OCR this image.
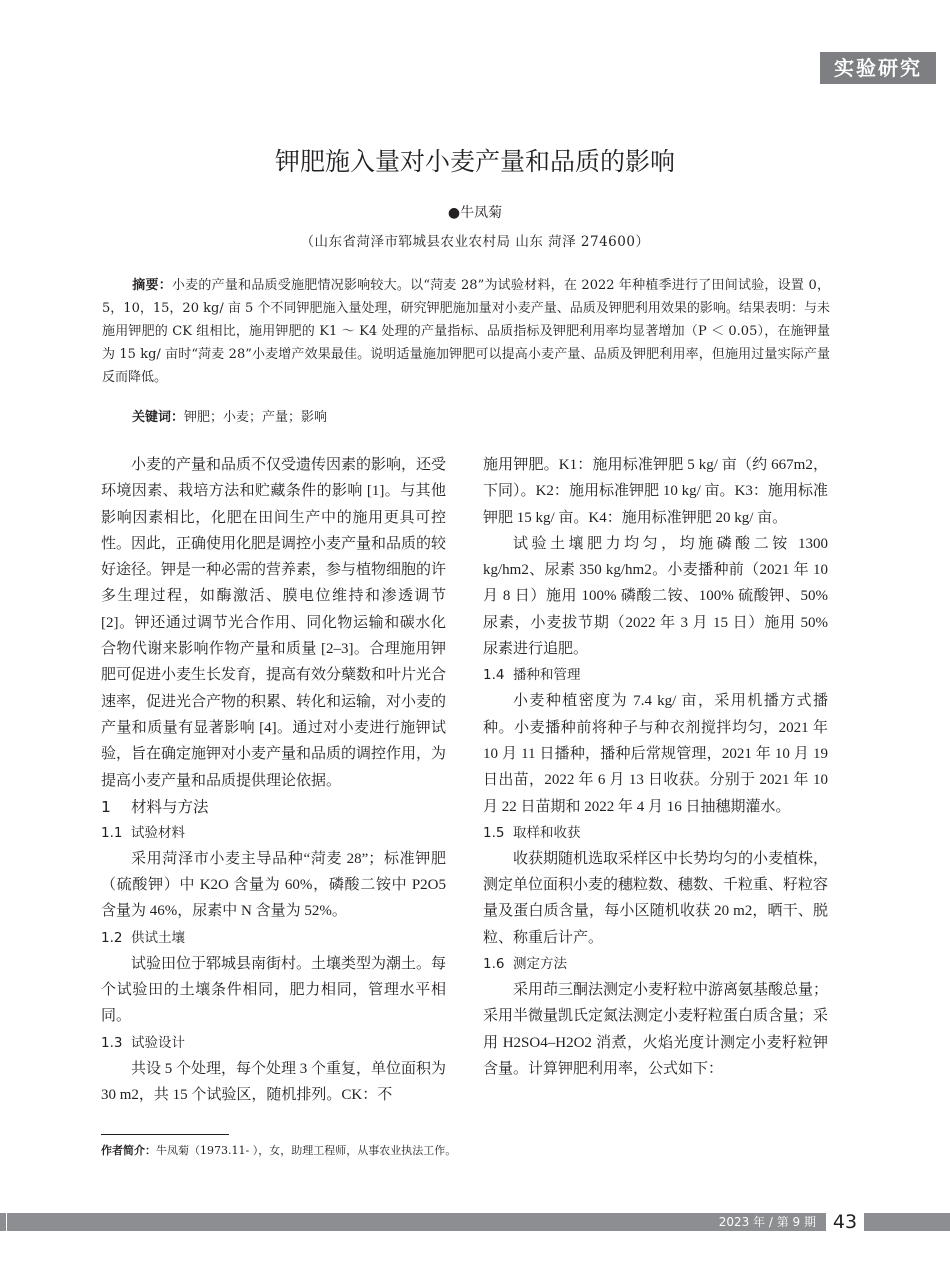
实验研究
钾肥施入量对小麦产量和品质的影响
●牛凤菊
（山东省菏泽市郓城县农业农村局 山东 菏泽 274600）

摘要：小麦的产量和品质受施肥情况影响较大。以“菏麦 28”为试验材料，在 2022 年种植季进行了田间试验，设置 0，5，10，15，20 kg/ 亩 5 个不同钾肥施入量处理，研究钾肥施加量对小麦产量、品质及钾肥利用效果的影响。结果表明：与未施用钾肥的 CK 组相比，施用钾肥的 K1 ～ K4 处理的产量指标、品质指标及钾肥利用率均显著增加（P ＜ 0.05），在施钾量为 15 kg/ 亩时“菏麦 28”小麦增产效果最佳。说明适量施加钾肥可以提高小麦产量、品质及钾肥利用率，但施用过量实际产量反而降低。

关键词：钾肥；小麦；产量；影响

小麦的产量和品质不仅受遗传因素的影响，还受环境因素、栽培方法和贮藏条件的影响 [1]。与其他影响因素相比，化肥在田间生产中的施用更具可控性。因此，正确使用化肥是调控小麦产量和品质的较好途径。钾是一种必需的营养素，参与植物细胞的许多生理过程，如酶激活、膜电位维持和渗透调节 [2]。钾还通过调节光合作用、同化物运输和碳水化合物代谢来影响作物产量和质量 [2–3]。合理施用钾肥可促进小麦生长发育，提高有效分蘖数和叶片光合速率，促进光合产物的积累、转化和运输，对小麦的产量和质量有显著影响 [4]。通过对小麦进行施钾试验，旨在确定施钾对小麦产量和品质的调控作用，为提高小麦产量和品质提供理论依据。

1 材料与方法
1.1 试验材料

采用菏泽市小麦主导品种“菏麦 28”；标准钾肥（硫酸钾）中 K2O 含量为 60%，磷酸二铵中 P2O5 含量为 46%，尿素中 N 含量为 52%。

1.2 供试土壤

试验田位于郓城县南街村。土壤类型为潮土。每个试验田的土壤条件相同，肥力相同，管理水平相同。

1.3 试验设计

共设 5 个处理，每个处理 3 个重复，单位面积为 30 m2，共 15 个试验区，随机排列。CK：不

施用钾肥。K1：施用标准钾肥 5 kg/ 亩（约 667m2，下同）。K2：施用标准钾肥 10 kg/ 亩。K3：施用标准钾肥 15 kg/ 亩。K4：施用标准钾肥 20 kg/ 亩。

试验土壤肥力均匀，均施磷酸二铵 1300 kg/hm2、尿素 350 kg/hm2。小麦播种前（2021 年 10 月 8 日）施用 100% 磷酸二铵、100% 硫酸钾、50% 尿素，小麦拔节期（2022 年 3 月 15 日）施用 50% 尿素进行追肥。

1.4 播种和管理

小麦种植密度为 7.4 kg/ 亩，采用机播方式播种。小麦播种前将种子与种衣剂搅拌均匀，2021 年 10 月 11 日播种，播种后常规管理，2021 年 10 月 19 日出苗，2022 年 6 月 13 日收获。分别于 2021 年 10 月 22 日苗期和 2022 年 4 月 16 日抽穗期灌水。

1.5 取样和收获

收获期随机选取采样区中长势均匀的小麦植株，测定单位面积小麦的穗粒数、穗数、千粒重、籽粒容量及蛋白质含量，每小区随机收获 20 m2，晒干、脱粒、称重后计产。

1.6 测定方法

采用茚三酮法测定小麦籽粒中游离氨基酸总量；采用半微量凯氏定氮法测定小麦籽粒蛋白质含量；采用 H2SO4–H2O2 消煮，火焰光度计测定小麦籽粒钾含量。计算钾肥利用率，公式如下：

作者简介：牛凤菊（1973.11- ），女，助理工程师，从事农业执法工作。
2023 年 / 第 9 期 43
